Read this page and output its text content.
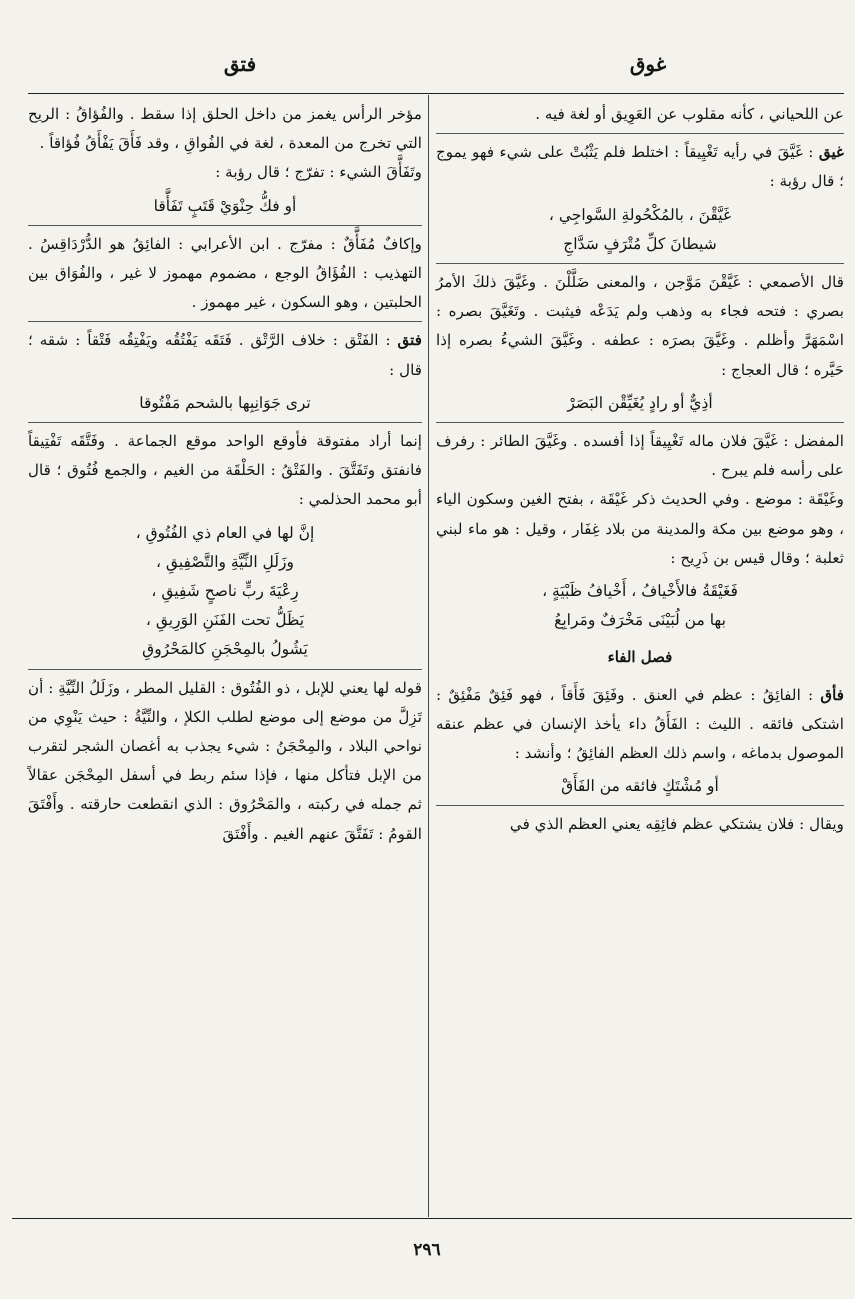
غوق
فتق

عن اللحياني ، كأنه مقلوب عن العَوِيق أو لغة فيه .

غيق : غَيَّقَ في رأيه تَغْيِيقاً : اختلط فلم يَثْبُتْ على شيء فهو يموج ؛ قال رؤبة :

غَيَّقْنَ ، بالمُكْحُولةِ السَّواجِي ،
شيطانَ كلِّ مُتْرَفٍ سَدَّاجِ

قال الأصمعي : غَيَّقْنَ مَوَّجن ، والمعنى ضَلَّلْنَ . وغَيَّقَ ذلكَ الأمرُ بصري : فتحه فجاء به وذهب ولم يَدَعْه فيثبت . وتَغَيَّقَ بصره : اسْمَهَرَّ وأظلم . وغَيَّقَ بصرَه : عطفه . وغَيَّقَ الشيءُ بصره إذا حَيَّره ؛ قال العجاج :

أذِيٌّ أو رادٍ يُغَيِّقْن البَصَرْ

المفضل : غَيَّقَ فلان ماله تَغْيِيقاً إذا أفسده . وغَيَّقَ الطائر : رفرف على رأسه فلم يبرح .

وغَيْقَة : موضع . وفي الحديث ذكر غَيْقَة ، بفتح الغين وسكون الياء ، وهو موضع بين مكة والمدينة من بلاد غِفَار ، وقيل : هو ماء لبني ثعلبة ؛ وقال قيس بن ذَرِيح :

فَغَيْقَةُ فالأَخْيافُ ، أَخْيافُ ظَبْيَةٍ ،
بها من لُبَيْنَى مَخْرَفٌ ومَرابِعُ
فصل الفاء

فأق : الفائِقُ : عظم في العنق . وفَئِقَ فَأَقاً ، فهو فَئِقٌ مَفْئِقٌ : اشتكى فائقه . الليث : الفَأَقُ داء يأخذ الإنسان في عظم عنقه الموصول بدماغه ، واسم ذلك العظم الفائِقُ ؛ وأنشد :

أو مُشْتَكٍ فائقه من الفَأَقْ

ويقال : فلان يشتكي عظم فائِقِه يعني العظم الذي في

مؤخر الرأس يغمز من داخل الحلق إذا سقط . والفُؤاقُ : الريح التي تخرج من المعدة ، لغة في الفُواقِ ، وقد فَأَقَ يَفْأَقُ فُؤاقاً .

وتَفَأَّقَ الشيء : تفرّج ؛ قال رؤبة :

أو فكُّ حِنْوَيْ قَتَبٍ تَفَأَّقا

وإكافٌ مُفَأَّقٌ : مفرّج . ابن الأعرابي : الفائِقُ هو الدُّرْدَاقِسُ . التهذيب : الفُؤَاقُ الوجع ، مضموم مهموز لا غير ، والفُوَاق بين الحلبتين ، وهو السكون ، غير مهموز .

فتق : الفَتْق : خلاف الرَّتْق . فَتَقَه يَفْتُقُه ويَفْتِقُه فَتْقاً : شقه ؛ قال :

ترى جَوَانِبِها بالشحم مَفْتُوقا

إنما أراد مفتوقة فأوقع الواحد موقع الجماعة . وفَتَّقَه تَفْتِيقاً فانفتق وتَفَتَّقَ . والفَتْقُ : الحَلْقَة من الغيم ، والجمع فُتُوق ؛ قال أبو محمد الحذلمي :

إنَّ لها في العام ذي الفُتُوقِ ،
وزَلَلِ النِّيَّةِ والتَّصْفِيقِ ،
رِعْيَةَ ربٍّ ناصحٍ شَفِيقِ ،
يَظَلُّ تحت الفَنَنِ الوَرِيقِ ،
يَشُولُ بالمِحْجَنِ كالمَحْرُوقِ

قوله لها يعني للإبل ، ذو الفُتُوق : القليل المطر ، وزَلَلُ النِّيَّةِ : أن تَزِلَّ من موضع إلى موضع لطلب الكلإ ، والنِّيَّةُ : حيث يَنْوِي من نواحي البلاد ، والمِحْجَنُ : شيء يجذب به أغصان الشجر لتقرب من الإبل فتأكل منها ، فإذا سئم ربط في أسفل المِحْجَن عقالاً ثم جمله في ركبته ، والمَحْرُوق : الذي انقطعت حارقته . وأَفْتَقَ القومُ : تَفَتَّقَ عنهم الغيم . وأَفْتَقَ

٢٩٦
